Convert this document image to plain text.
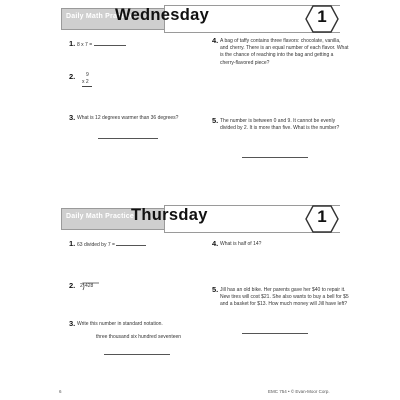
Daily Math Practice
Wednesday	1
1. 8 x 7 =
2. 9
x 2
3. What is 12 degrees warmer than 36 degrees?
4. A bag of taffy contains three flavors: chocolate, vanilla, and cherry. There is an equal number of each flavor. What is the chance of reaching into the bag and getting a cherry-flavored piece?
5. The number is between 0 and 9. It cannot be evenly divided by 2. It is more than five. What is the number?
Daily Math Practice
Thursday	1
1. 63 divided by 7 =
2. 2 428
3. Write this number in standard notation.
three thousand six hundred seventeen
4. What is half of 14?
5. Jill has an old bike. Her parents gave her $40 to repair it. New tires will cost $21. She also wants to buy a bell for $5 and a basket for $13. How much money will Jill have left?
6	EMC 754 • © Evan-Moor Corp.
